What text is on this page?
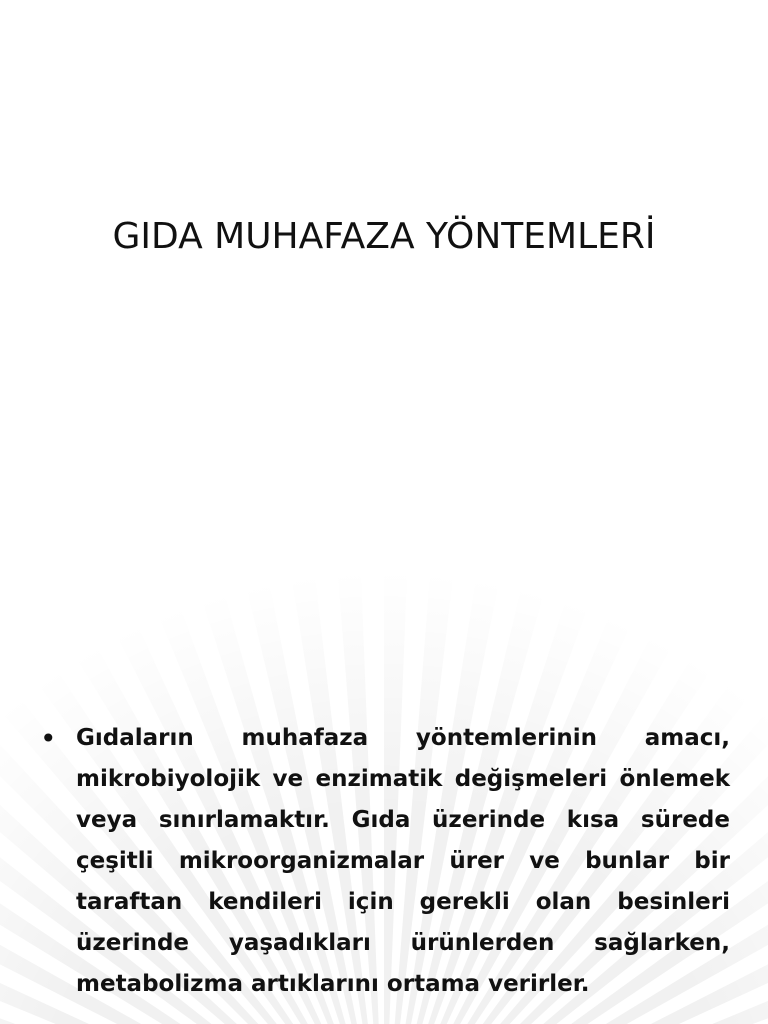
GIDA MUHAFAZA YÖNTEMLERİ
• Gıdaların muhafaza yöntemlerinin amacı, mikrobiyolojik ve enzimatik değişmeleri önlemek veya sınırlamaktır. Gıda üzerinde kısa sürede çeşitli mikroorganizmalar ürer ve bunlar bir taraftan kendileri için gerekli olan besinleri üzerinde yaşadıkları ürünlerden sağlarken, metabolizma artıklarını ortama verirler.
